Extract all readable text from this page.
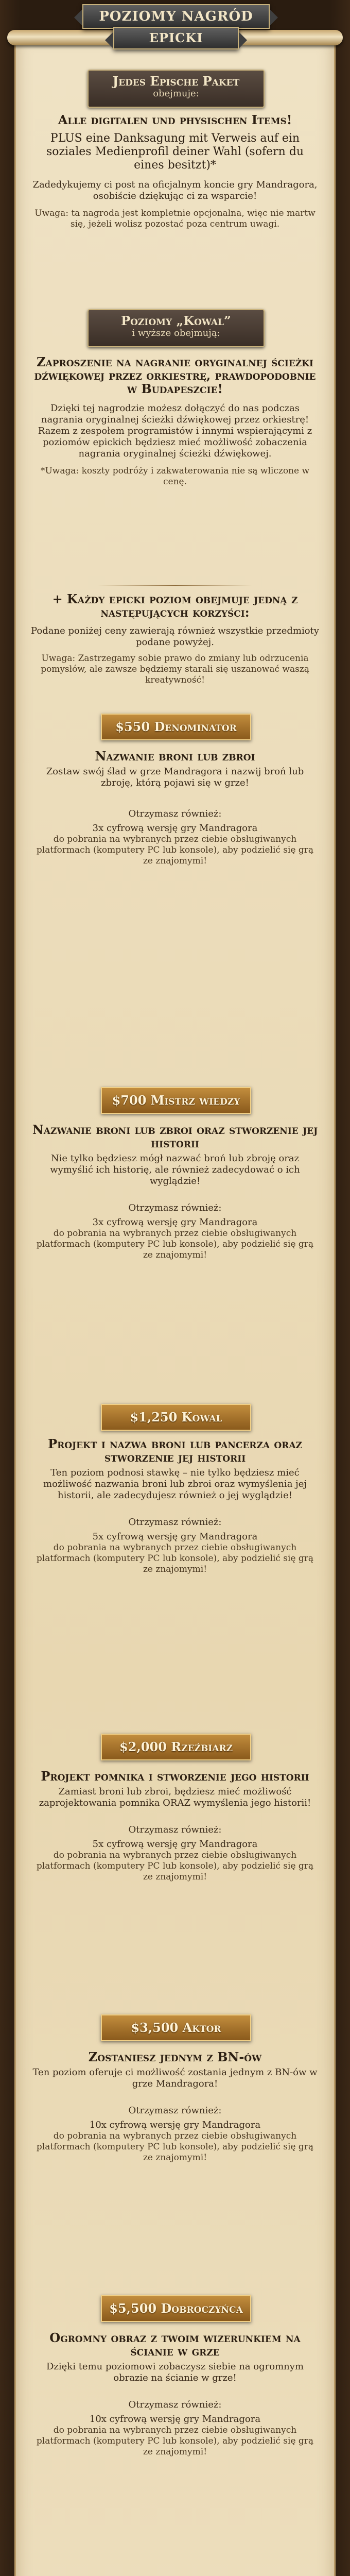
POZIOMY NAGRÓD
EPICKI
Jedes Epische Paket
obejmuje:

Alle digitalen und physischen Items!

PLUS eine Danksagung mit Verweis auf ein soziales Medienprofil deiner Wahl (sofern du eines besitzt)*

Zadedykujemy ci post na oficjalnym koncie gry Mandragora, osobiście dziękując ci za wsparcie!

Uwaga: ta nagroda jest kompletnie opcjonalna, więc nie martw się, jeżeli wolisz pozostać poza centrum uwagi.

Poziomy „Kowal”
i wyższe obejmują:

Zaproszenie na nagranie oryginalnej ścieżki dźwiękowej przez orkiestrę, prawdopodobnie w Budapeszcie!

Dzięki tej nagrodzie możesz dołączyć do nas podczas nagrania oryginalnej ścieżki dźwiękowej przez orkiestrę! Razem z zespołem programistów i innymi wspierającymi z poziomów epickich będziesz mieć możliwość zobaczenia nagrania oryginalnej ścieżki dźwiękowej.

*Uwaga: koszty podróży i zakwaterowania nie są wliczone w cenę.

+ Każdy epicki poziom obejmuje jedną z następujących korzyści:

Podane poniżej ceny zawierają również wszystkie przedmioty podane powyżej.

Uwaga: Zastrzegamy sobie prawo do zmiany lub odrzucenia pomysłów, ale zawsze będziemy starali się uszanować waszą kreatywność!

$550 Denominator

Nazwanie broni lub zbroi

Zostaw swój ślad w grze Mandragora i nazwij broń lub zbroję, którą pojawi się w grze!

Otrzymasz również:

3x cyfrową wersję gry Mandragora

do pobrania na wybranych przez ciebie obsługiwanych platformach (komputery PC lub konsole), aby podzielić się grą ze znajomymi!

$700 Mistrz wiedzy

Nazwanie broni lub zbroi oraz stworzenie jej historii

Nie tylko będziesz mógł nazwać broń lub zbroję oraz wymyślić ich historię, ale również zadecydować o ich wyglądzie!

Otrzymasz również:

3x cyfrową wersję gry Mandragora

do pobrania na wybranych przez ciebie obsługiwanych platformach (komputery PC lub konsole), aby podzielić się grą ze znajomymi!

$1,250 Kowal

Projekt i nazwa broni lub pancerza oraz stworzenie jej historii

Ten poziom podnosi stawkę – nie tylko będziesz mieć możliwość nazwania broni lub zbroi oraz wymyślenia jej historii, ale zadecydujesz również o jej wyglądzie!

Otrzymasz również:

5x cyfrową wersję gry Mandragora

do pobrania na wybranych przez ciebie obsługiwanych platformach (komputery PC lub konsole), aby podzielić się grą ze znajomymi!

$2,000 Rzeźbiarz

Projekt pomnika i stworzenie jego historii

Zamiast broni lub zbroi, będziesz mieć możliwość zaprojektowania pomnika ORAZ wymyślenia jego historii!

Otrzymasz również:

5x cyfrową wersję gry Mandragora

do pobrania na wybranych przez ciebie obsługiwanych platformach (komputery PC lub konsole), aby podzielić się grą ze znajomymi!

$3,500 Aktor

Zostaniesz jednym z BN-ów

Ten poziom oferuje ci możliwość zostania jednym z BN-ów w grze Mandragora!

Otrzymasz również:

10x cyfrową wersję gry Mandragora

do pobrania na wybranych przez ciebie obsługiwanych platformach (komputery PC lub konsole), aby podzielić się grą ze znajomymi!

$5,500 Dobroczyńca

Ogromny obraz z twoim wizerunkiem na ścianie w grze

Dzięki temu poziomowi zobaczysz siebie na ogromnym obrazie na ścianie w grze!

Otrzymasz również:

10x cyfrową wersję gry Mandragora

do pobrania na wybranych przez ciebie obsługiwanych platformach (komputery PC lub konsole), aby podzielić się grą ze znajomymi!
